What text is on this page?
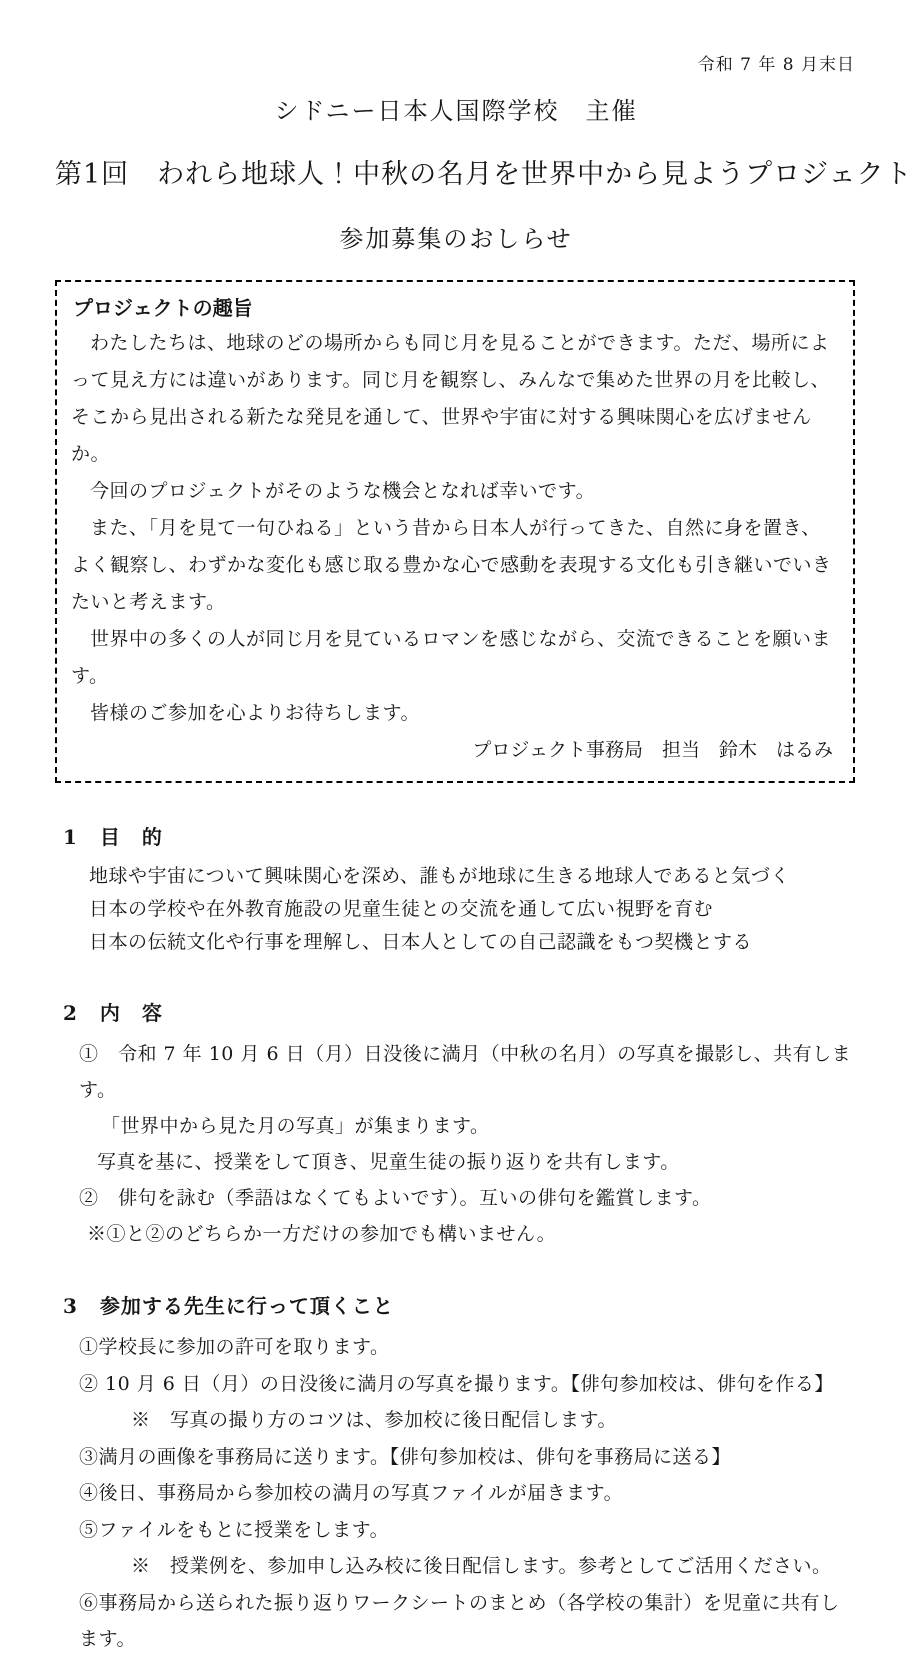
令和 7 年 8 月末日
シドニー日本人国際学校　主催
第1回　われら地球人！中秋の名月を世界中から見ようプロジェクト
参加募集のおしらせ
プロジェクトの趣旨

わたしたちは、地球のどの場所からも同じ月を見ることができます。ただ、場所によって見え方には違いがあります。同じ月を観察し、みんなで集めた世界の月を比較し、そこから見出される新たな発見を通して、世界や宇宙に対する興味関心を広げませんか。

今回のプロジェクトがそのような機会となれば幸いです。

また、「月を見て一句ひねる」という昔から日本人が行ってきた、自然に身を置き、よく観察し、わずかな変化も感じ取る豊かな心で感動を表現する文化も引き継いでいきたいと考えます。

世界中の多くの人が同じ月を見ているロマンを感じながら、交流できることを願います。

皆様のご参加を心よりお待ちします。

プロジェクト事務局　担当　鈴木　はるみ
1 目　的
地球や宇宙について興味関心を深め、誰もが地球に生きる地球人であると気づく
日本の学校や在外教育施設の児童生徒との交流を通して広い視野を育む
日本の伝統文化や行事を理解し、日本人としての自己認識をもつ契機とする
2 内　容
①　令和 7 年 10 月 6 日（月）日没後に満月（中秋の名月）の写真を撮影し、共有します。
「世界中から見た月の写真」が集まります。
写真を基に、授業をして頂き、児童生徒の振り返りを共有します。
②　俳句を詠む（季語はなくてもよいです）。互いの俳句を鑑賞します。
※①と②のどちらか一方だけの参加でも構いません。
3 参加する先生に行って頂くこと
①学校長に参加の許可を取ります。
② 10 月 6 日（月）の日没後に満月の写真を撮ります。【俳句参加校は、俳句を作る】
※　写真の撮り方のコツは、参加校に後日配信します。
③満月の画像を事務局に送ります。【俳句参加校は、俳句を事務局に送る】
④後日、事務局から参加校の満月の写真ファイルが届きます。
⑤ファイルをもとに授業をします。
※　授業例を、参加申し込み校に後日配信します。参考としてご活用ください。
⑥事務局から送られた振り返りワークシートのまとめ（各学校の集計）を児童に共有します。
